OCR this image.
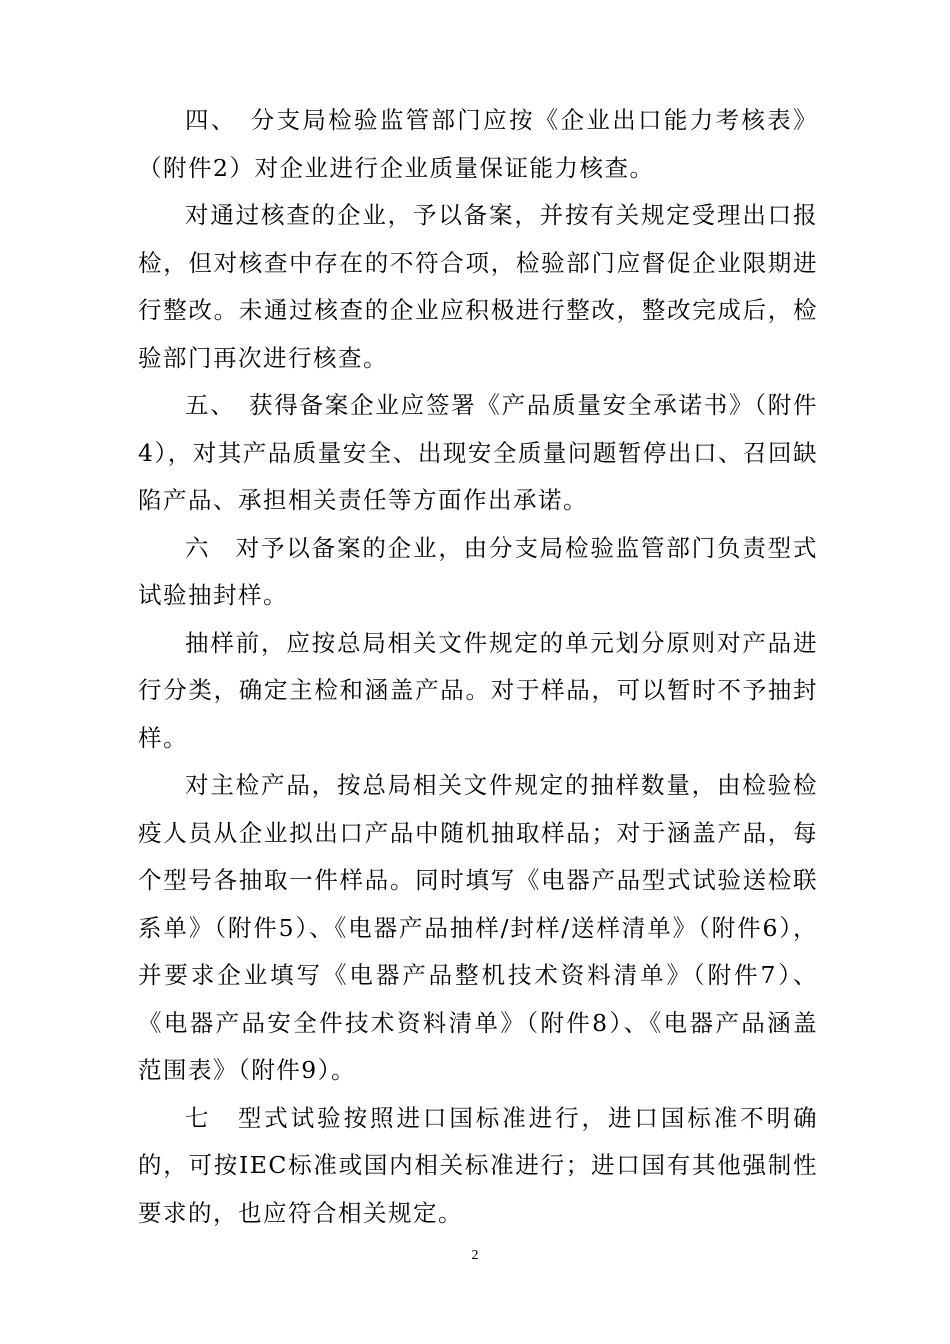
四、　分支局检验监管部门应按《企业出口能力考核表》（附件2）对企业进行企业质量保证能力核查。

对通过核查的企业，予以备案，并按有关规定受理出口报检，但对核查中存在的不符合项，检验部门应督促企业限期进行整改。未通过核查的企业应积极进行整改，整改完成后，检验部门再次进行核查。

五、　获得备案企业应签署《产品质量安全承诺书》（附件4），对其产品质量安全、出现安全质量问题暂停出口、召回缺陷产品、承担相关责任等方面作出承诺。

六　对予以备案的企业，由分支局检验监管部门负责型式试验抽封样。

抽样前，应按总局相关文件规定的单元划分原则对产品进行分类，确定主检和涵盖产品。对于样品，可以暂时不予抽封样。

对主检产品，按总局相关文件规定的抽样数量，由检验检疫人员从企业拟出口产品中随机抽取样品；对于涵盖产品，每个型号各抽取一件样品。同时填写《电器产品型式试验送检联系单》（附件5）、《电器产品抽样/封样/送样清单》（附件6），并要求企业填写《电器产品整机技术资料清单》（附件7）、《电器产品安全件技术资料清单》（附件8）、《电器产品涵盖范围表》（附件9）。

七　型式试验按照进口国标准进行，进口国标准不明确的，可按IEC标准或国内相关标准进行；进口国有其他强制性要求的，也应符合相关规定。

2
